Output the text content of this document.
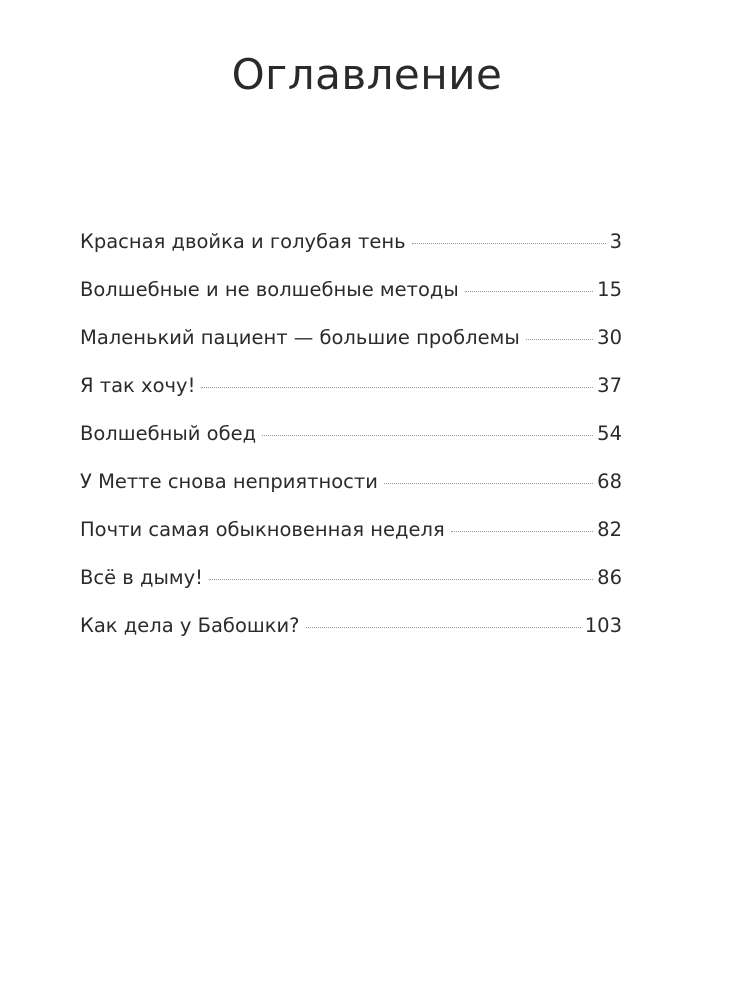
Оглавление
Красная двойка и голубая тень	3
Волшебные и не волшебные методы	15
Маленький пациент — большие проблемы	30
Я так хочу!	37
Волшебный обед	54
У Метте снова неприятности	68
Почти самая обыкновенная неделя	82
Всё в дыму!	86
Как дела у Бабошки?	103
